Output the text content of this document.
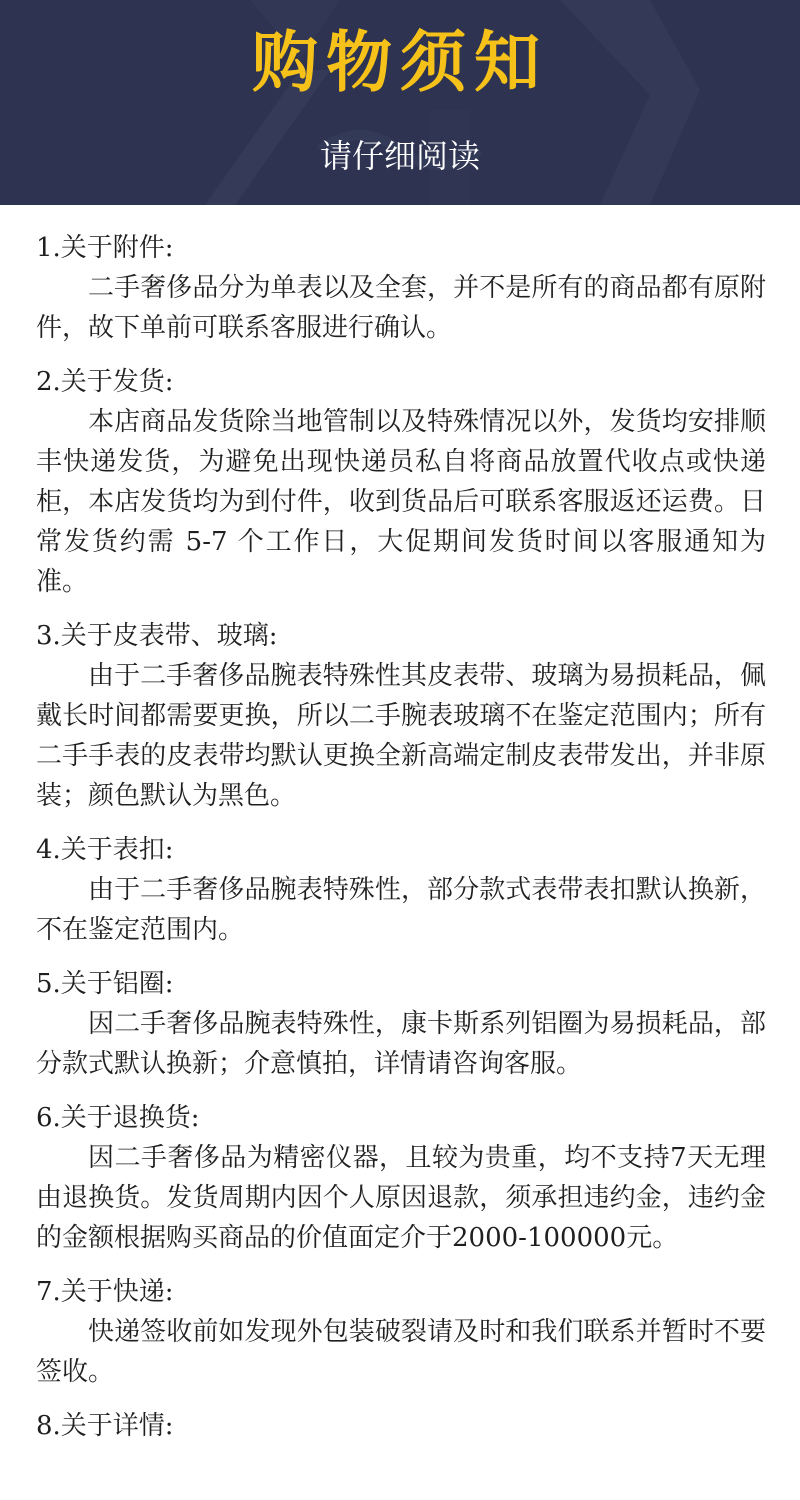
购物须知
请仔细阅读
1.关于附件:
二手奢侈品分为单表以及全套，并不是所有的商品都有原附件，故下单前可联系客服进行确认。
2.关于发货:
本店商品发货除当地管制以及特殊情况以外，发货均安排顺丰快递发货，为避免出现快递员私自将商品放置代收点或快递柜，本店发货均为到付件，收到货品后可联系客服返还运费。日常发货约需 5-7 个工作日，大促期间发货时间以客服通知为准。
3.关于皮表带、玻璃:
由于二手奢侈品腕表特殊性其皮表带、玻璃为易损耗品，佩戴长时间都需要更换，所以二手腕表玻璃不在鉴定范围内；所有二手手表的皮表带均默认更换全新高端定制皮表带发出，并非原装；颜色默认为黑色。
4.关于表扣:
由于二手奢侈品腕表特殊性，部分款式表带表扣默认换新，不在鉴定范围内。
5.关于铝圈:
因二手奢侈品腕表特殊性，康卡斯系列铝圈为易损耗品，部分款式默认换新；介意慎拍，详情请咨询客服。
6.关于退换货:
因二手奢侈品为精密仪器，且较为贵重，均不支持7天无理由退换货。发货周期内因个人原因退款，须承担违约金，违约金的金额根据购买商品的价值面定介于2000-100000元。
7.关于快递:
快递签收前如发现外包装破裂请及时和我们联系并暂时不要签收。
8.关于详情:
